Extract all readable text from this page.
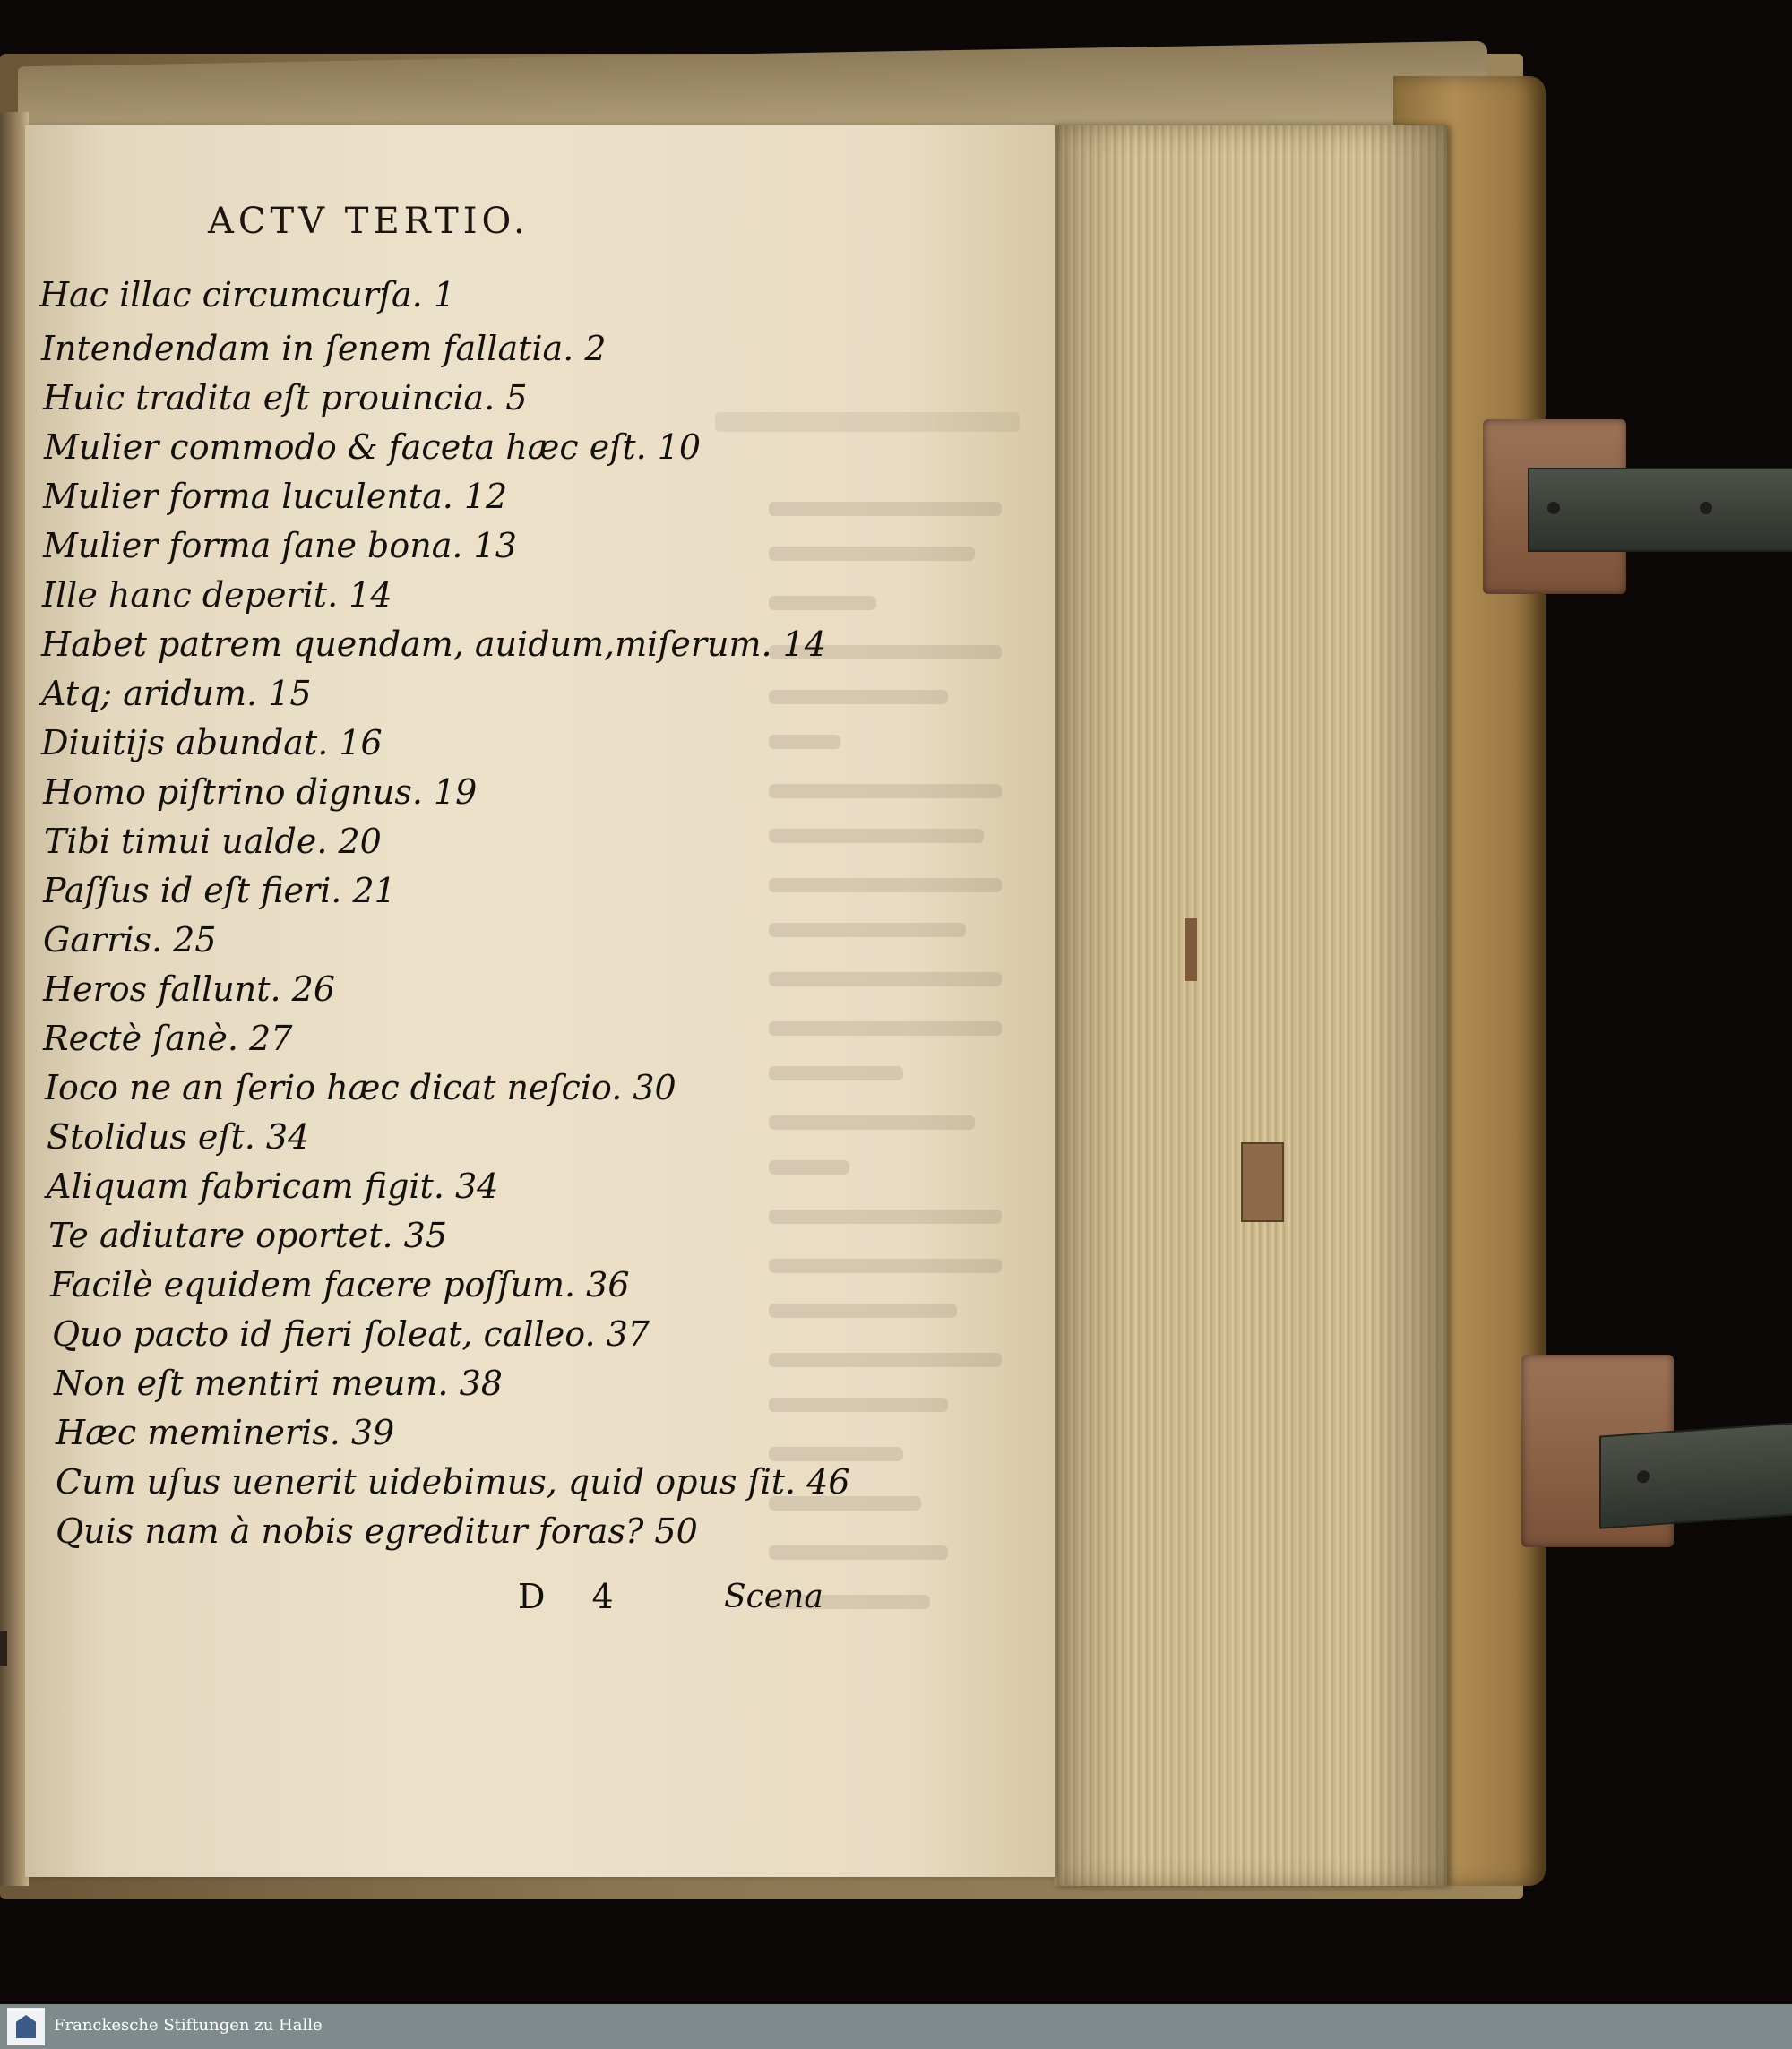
ACTV TERTIO.
Hac illac circumcurſa. 1
Intendendam in ſenem fallatia. 2
Huic tradita eſt prouincia. 5
Mulier commodo & faceta hæc eſt. 10
Mulier forma luculenta. 12
Mulier forma ſane bona. 13
Ille hanc deperit. 14
Habet patrem quendam, auidum,miſerum. 14
Atq; aridum. 15
Diuitijs abundat. 16
Homo piſtrino dignus. 19
Tibi timui ualde. 20
Paſſus id eſt fieri. 21
Garris. 25
Heros fallunt. 26
Rectè ſanè. 27
Ioco ne an ſerio hæc dicat neſcio. 30
Stolidus eſt. 34
Aliquam fabricam figit. 34
Te adiutare oportet. 35
Facilè equidem facere poſſum. 36
Quo pacto id fieri ſoleat, calleo. 37
Non eſt mentiri meum. 38
Hæc memineris. 39
Cum uſus uenerit uidebimus, quid opus ſit. 46
Quis nam à nobis egreditur foras? 50
D 4	Scena
Franckesche Stiftungen zu Halle
